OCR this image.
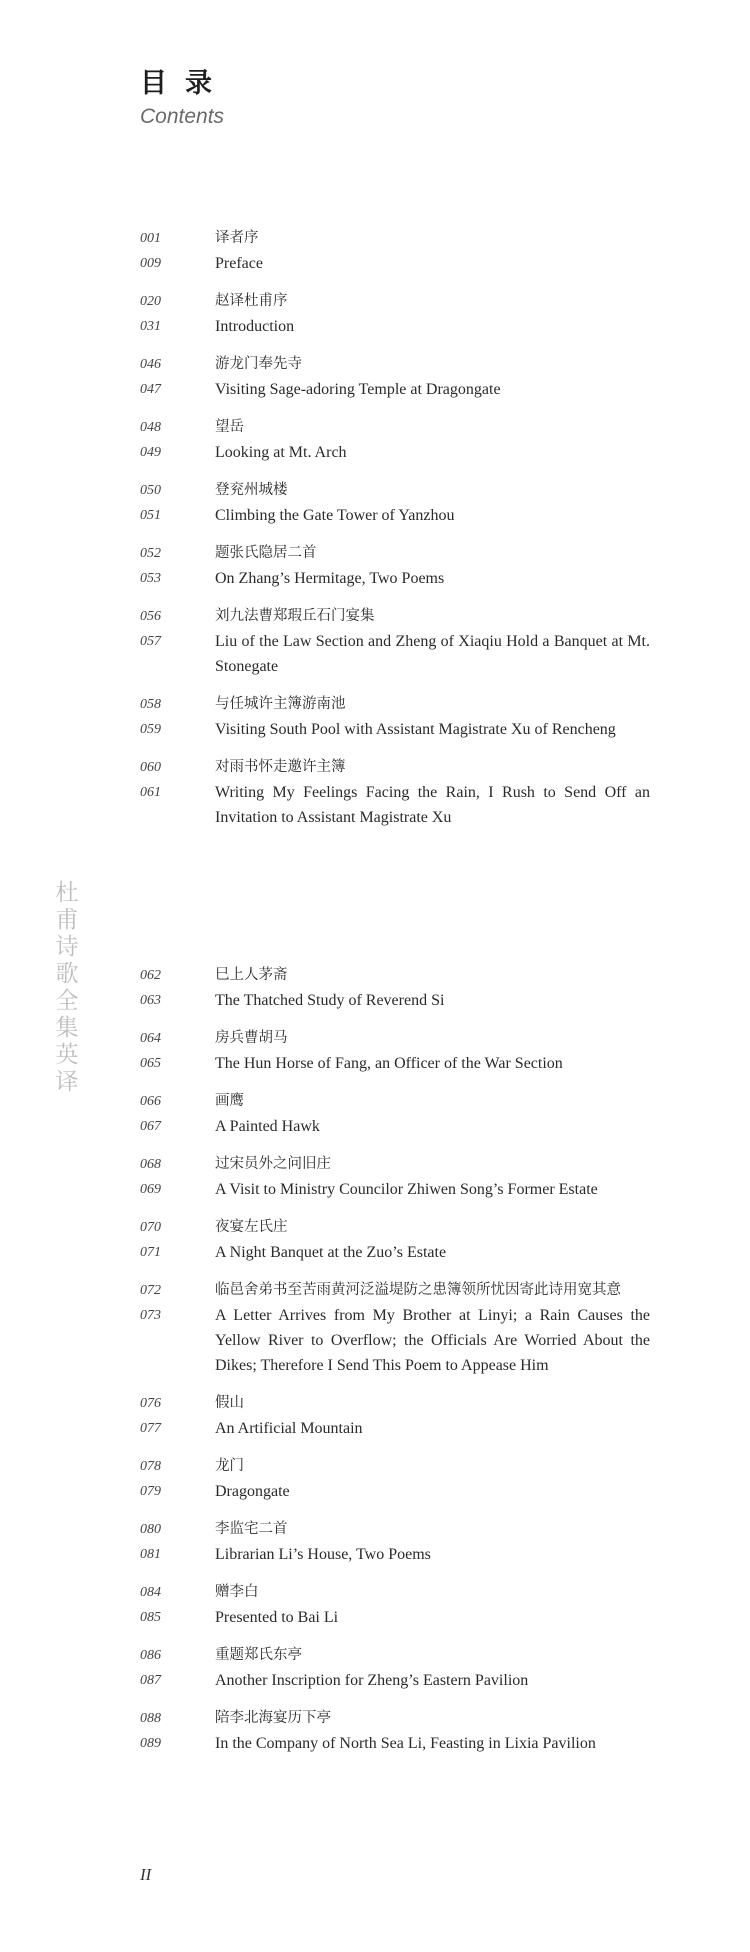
目录
Contents
001	译者序
009	Preface
020	赵译杜甫序
031	Introduction
046	游龙门奉先寺
047	Visiting Sage-adoring Temple at Dragongate
048	望岳
049	Looking at Mt. Arch
050	登兖州城楼
051	Climbing the Gate Tower of Yanzhou
052	题张氏隐居二首
053	On Zhang’s Hermitage, Two Poems
056	刘九法曹郑瑕丘石门宴集
057	Liu of the Law Section and Zheng of Xiaqiu Hold a Banquet at Mt. Stonegate
058	与任城许主簿游南池
059	Visiting South Pool with Assistant Magistrate Xu of Rencheng
060	对雨书怀走邀许主簿
061	Writing My Feelings Facing the Rain, I Rush to Send Off an Invitation to Assistant Magistrate Xu
062	巳上人茅斋
063	The Thatched Study of Reverend Si
064	房兵曹胡马
065	The Hun Horse of Fang, an Officer of the War Section
066	画鹰
067	A Painted Hawk
068	过宋员外之问旧庄
069	A Visit to Ministry Councilor Zhiwen Song’s Former Estate
070	夜宴左氏庄
071	A Night Banquet at the Zuo’s Estate
072	临邑舍弟书至苦雨黄河泛溢堤防之患簿领所忧因寄此诗用宽其意
073	A Letter Arrives from My Brother at Linyi; a Rain Causes the Yellow River to Overflow; the Officials Are Worried About the Dikes; Therefore I Send This Poem to Appease Him
076	假山
077	An Artificial Mountain
078	龙门
079	Dragongate
080	李监宅二首
081	Librarian Li’s House, Two Poems
084	赠李白
085	Presented to Bai Li
086	重题郑氏东亭
087	Another Inscription for Zheng’s Eastern Pavilion
088	陪李北海宴历下亭
089	In the Company of North Sea Li, Feasting in Lixia Pavilion
杜
甫
诗
歌
全
集
英
译
II
